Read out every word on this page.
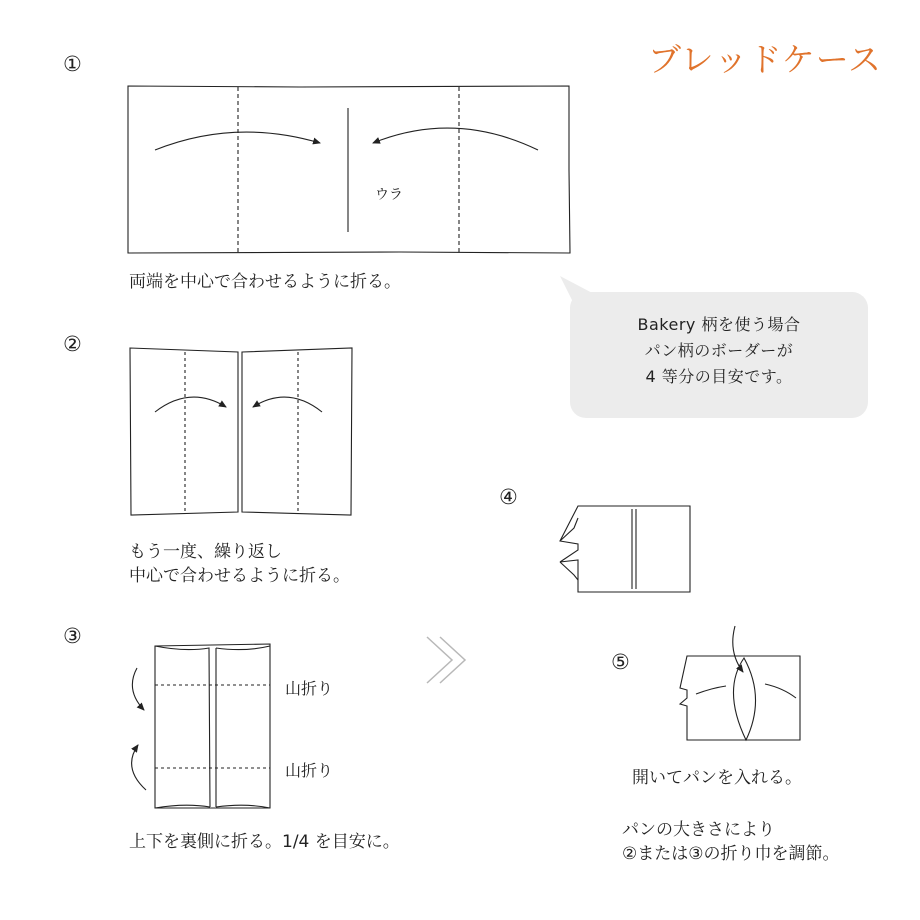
ブレッドケース
①
②
③
④
⑤
ウラ
両端を中心で合わせるように折る。
Bakery 柄を使う場合
パン柄のボーダーが
4 等分の目安です。
もう一度、繰り返し
中心で合わせるように折る。
山折り
山折り
上下を裏側に折る。1/4 を目安に。
開いてパンを入れる。
パンの大きさにより
②または③の折り巾を調節。
